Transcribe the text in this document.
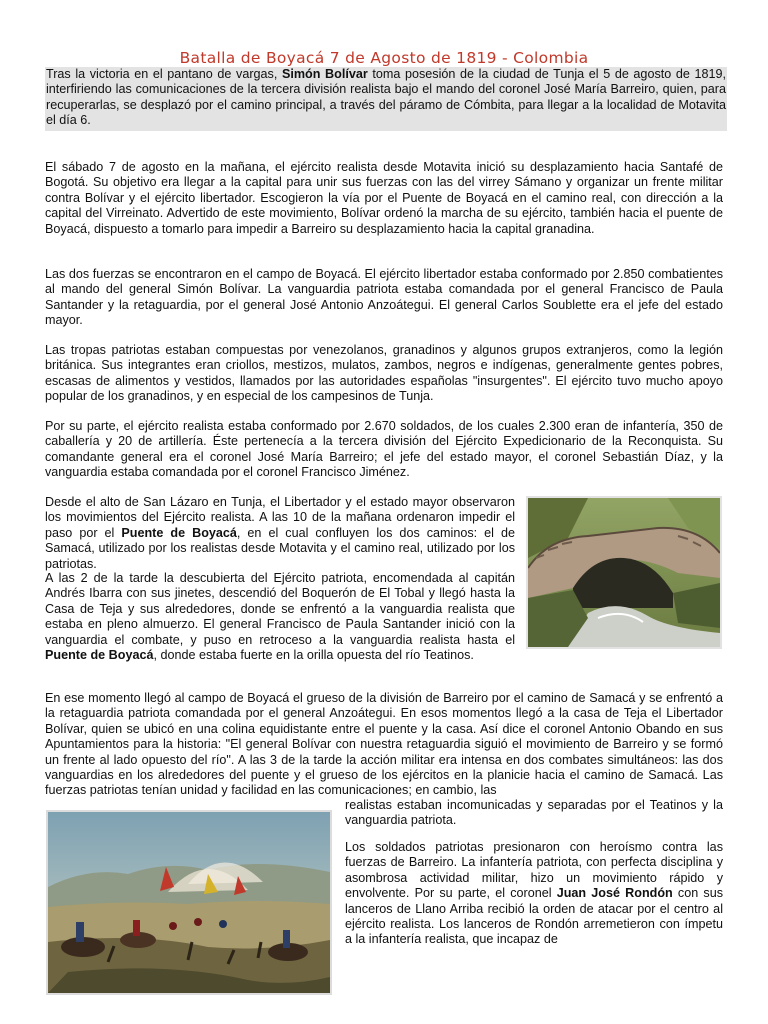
Batalla de Boyacá 7 de Agosto de 1819 - Colombia

Tras la victoria en el pantano de vargas, Simón Bolívar toma posesión de la ciudad de Tunja el 5 de agosto de 1819, interfiriendo las comunicaciones de la tercera división realista bajo el mando del coronel José María Barreiro, quien, para recuperarlas, se desplazó por el camino principal, a través del páramo de Cómbita, para llegar a la localidad de Motavita el día 6.

El sábado 7 de agosto en la mañana, el ejército realista desde Motavita inició su desplazamiento hacia Santafé de Bogotá. Su objetivo era llegar a la capital para unir sus fuerzas con las del virrey Sámano y organizar un frente militar contra Bolívar y el ejército libertador. Escogieron la vía por el Puente de Boyacá en el camino real, con dirección a la capital del Virreinato. Advertido de este movimiento, Bolívar ordenó la marcha de su ejército, también hacia el puente de Boyacá, dispuesto a tomarlo para impedir a Barreiro su desplazamiento hacia la capital granadina.

Las dos fuerzas se encontraron en el campo de Boyacá. El ejército libertador estaba conformado por 2.850 combatientes al mando del general Simón Bolívar. La vanguardia patriota estaba comandada por el general Francisco de Paula Santander y la retaguardia, por el general José Antonio Anzoátegui. El general Carlos Soublette era el jefe del estado mayor.

Las tropas patriotas estaban compuestas por venezolanos, granadinos y algunos grupos extranjeros, como la legión británica. Sus integrantes eran criollos, mestizos, mulatos, zambos, negros e indígenas, generalmente gentes pobres, escasas de alimentos y vestidos, llamados por las autoridades españolas "insurgentes". El ejército tuvo mucho apoyo popular de los granadinos, y en especial de los campesinos de Tunja.

Por su parte, el ejército realista estaba conformado por 2.670 soldados, de los cuales 2.300 eran de infantería, 350 de caballería y 20 de artillería. Éste pertenecía a la tercera división del Ejército Expedicionario de la Reconquista. Su comandante general era el coronel José María Barreiro; el jefe del estado mayor, el coronel Sebastián Díaz, y la vanguardia estaba comandada por el coronel Francisco Jiménez.

Desde el alto de San Lázaro en Tunja, el Libertador y el estado mayor observaron los movimientos del Ejército realista. A las 10 de la mañana ordenaron impedir el paso por el Puente de Boyacá, en el cual confluyen los dos caminos: el de Samacá, utilizado por los realistas desde Motavita y el camino real, utilizado por los patriotas.

A las 2 de la tarde la descubierta del Ejército patriota, encomendada al capitán Andrés Ibarra con sus jinetes, descendió del Boquerón de El Tobal y llegó hasta la Casa de Teja y sus alrededores, donde se enfrentó a la vanguardia realista que estaba en pleno almuerzo. El general Francisco de Paula Santander inició con la vanguardia el combate, y puso en retroceso a la vanguardia realista hasta el Puente de Boyacá, donde estaba fuerte en la orilla opuesta del río Teatinos.

En ese momento llegó al campo de Boyacá el grueso de la división de Barreiro por el camino de Samacá y se enfrentó a la retaguardia patriota comandada por el general Anzoátegui. En esos momentos llegó a la casa de Teja el Libertador Bolívar, quien se ubicó en una colina equidistante entre el puente y la casa. Así dice el coronel Antonio Obando en sus Apuntamientos para la historia: "El general Bolívar con nuestra retaguardia siguió el movimiento de Barreiro y se formó un frente al lado opuesto del río". A las 3 de la tarde la acción militar era intensa en dos combates simultáneos: las dos vanguardias en los alrededores del puente y el grueso de los ejércitos en la planicie hacia el camino de Samacá. Las fuerzas patriotas tenían unidad y facilidad en las comunicaciones; en cambio, las

realistas estaban incomunicadas y separadas por el Teatinos y la vanguardia patriota.

Los soldados patriotas presionaron con heroísmo contra las fuerzas de Barreiro. La infantería patriota, con perfecta disciplina y asombrosa actividad militar, hizo un movimiento rápido y envolvente. Por su parte, el coronel Juan José Rondón con sus lanceros de Llano Arriba recibió la orden de atacar por el centro al ejército realista. Los lanceros de Rondón arremetieron con ímpetu a la infantería realista, que incapaz de
